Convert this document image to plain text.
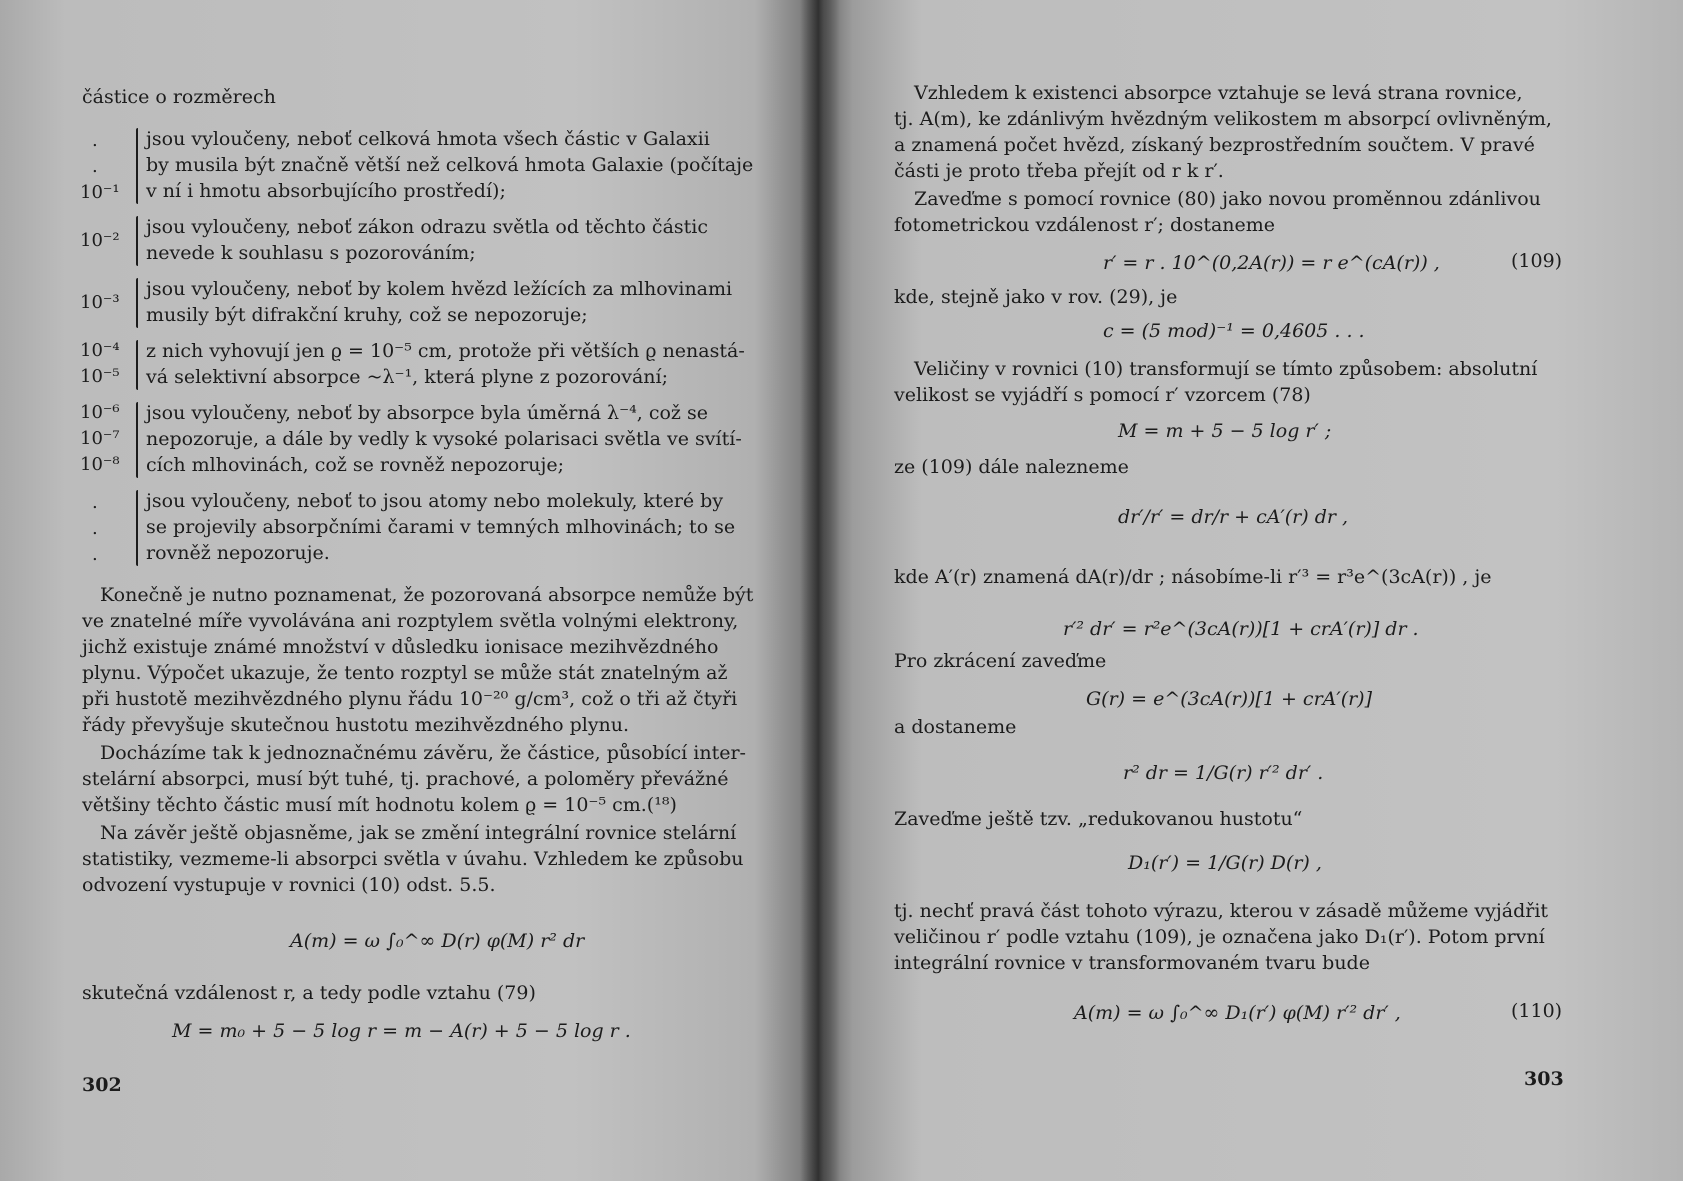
částice o rozměrech
.
.
10⁻¹
jsou vyloučeny, neboť celková hmota všech částic v Galaxii
by musila být značně větší než celková hmota Galaxie (počítaje
v ní i hmotu absorbujícího prostředí);
10⁻²
jsou vyloučeny, neboť zákon odrazu světla od těchto částic
nevede k souhlasu s pozorováním;
10⁻³
jsou vyloučeny, neboť by kolem hvězd ležících za mlhovinami
musily být difrakční kruhy, což se nepozoruje;
10⁻⁴
10⁻⁵
z nich vyhovují jen ϱ = 10⁻⁵ cm, protože při větších ϱ nenastá-
vá selektivní absorpce ~λ⁻¹, která plyne z pozorování;
10⁻⁶
10⁻⁷
10⁻⁸
jsou vyloučeny, neboť by absorpce byla úměrná λ⁻⁴, což se
nepozoruje, a dále by vedly k vysoké polarisaci světla ve svítí-
cích mlhovinách, což se rovněž nepozoruje;
.
.
.
jsou vyloučeny, neboť to jsou atomy nebo molekuly, které by
se projevily absorpčními čarami v temných mlhovinách; to se
rovněž nepozoruje.
Konečně je nutno poznamenat, že pozorovaná absorpce nemůže být
ve znatelné míře vyvolávána ani rozptylem světla volnými elektrony,
jichž existuje známé množství v důsledku ionisace mezihvězdného
plynu. Výpočet ukazuje, že tento rozptyl se může stát znatelným až
při hustotě mezihvězdného plynu řádu 10⁻²⁰ g/cm³, což o tři až čtyři
řády převyšuje skutečnou hustotu mezihvězdného plynu.
Docházíme tak k jednoznačnému závěru, že částice, působící inter-
stelární absorpci, musí být tuhé, tj. prachové, a poloměry převážné
většiny těchto částic musí mít hodnotu kolem ϱ = 10⁻⁵ cm.(¹⁸)
Na závěr ještě objasněme, jak se změní integrální rovnice stelární
statistiky, vezmeme-li absorpci světla v úvahu. Vzhledem ke způsobu
odvození vystupuje v rovnici (10) odst. 5.5.
A(m) = ω ∫₀^∞ D(r) φ(M) r² dr
skutečná vzdálenost r, a tedy podle vztahu (79)
M = m₀ + 5 − 5 log r = m − A(r) + 5 − 5 log r .
302
Vzhledem k existenci absorpce vztahuje se levá strana rovnice,
tj. A(m), ke zdánlivým hvězdným velikostem m absorpcí ovlivněným,
a znamená počet hvězd, získaný bezprostředním součtem. V pravé
části je proto třeba přejít od r k r′.
Zaveďme s pomocí rovnice (80) jako novou proměnnou zdánlivou
fotometrickou vzdálenost r′; dostaneme
r′ = r . 10^(0,2A(r)) = r e^(cA(r)) ,	(109)
kde, stejně jako v rov. (29), je
c = (5 mod)⁻¹ = 0,4605 . . .
Veličiny v rovnici (10) transformují se tímto způsobem: absolutní
velikost se vyjádří s pomocí r′ vzorcem (78)
M = m + 5 − 5 log r′ ;
ze (109) dále nalezneme
dr′/r′ = dr/r + cA′(r) dr ,
kde A′(r) znamená dA(r)/dr ; násobíme-li r′³ = r³e^(3cA(r)) , je
r′² dr′ = r²e^(3cA(r))[1 + crA′(r)] dr .
Pro zkrácení zaveďme
G(r) = e^(3cA(r))[1 + crA′(r)]
a dostaneme
r² dr = 1/G(r) r′² dr′ .
Zaveďme ještě tzv. „redukovanou hustotu“
D₁(r′) = 1/G(r) D(r) ,
tj. nechť pravá část tohoto výrazu, kterou v zásadě můžeme vyjádřit
veličinou r′ podle vztahu (109), je označena jako D₁(r′). Potom první
integrální rovnice v transformovaném tvaru bude
A(m) = ω ∫₀^∞ D₁(r′) φ(M) r′² dr′ ,	(110)
303
